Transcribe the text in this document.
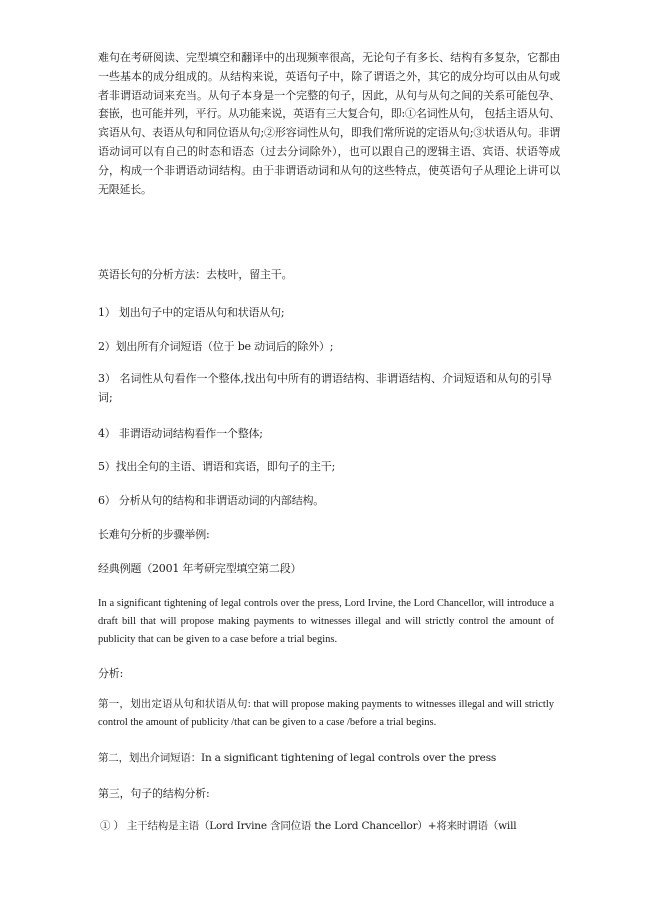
难句在考研阅读、完型填空和翻译中的出现频率很高，无论句子有多长、结构有多复杂，它都由一些基本的成分组成的。从结构来说，英语句子中，除了谓语之外，其它的成分均可以由从句或者非谓语动词来充当。从句子本身是一个完整的句子，因此，从句与从句之间的关系可能包孕、套嵌，也可能并列，平行。从功能来说，英语有三大复合句，即:①名词性从句， 包括主语从句、宾语从句、表语从句和同位语从句;②形容词性从句，即我们常所说的定语从句;③状语从句。非谓语动词可以有自己的时态和语态（过去分词除外），也可以跟自己的逻辑主语、宾语、状语等成分，构成一个非谓语动词结构。由于非谓语动词和从句的这些特点，使英语句子从理论上讲可以无限延长。

英语长句的分析方法：去枝叶，留主干。

1） 划出句子中的定语从句和状语从句;

2）划出所有介词短语（位于 be 动词后的除外）;

3） 名词性从句看作一个整体,找出句中所有的谓语结构、非谓语结构、介词短语和从句的引导词;

4） 非谓语动词结构看作一个整体;

5）找出全句的主语、谓语和宾语，即句子的主干;

6） 分析从句的结构和非谓语动词的内部结构。

长难句分析的步骤举例:

经典例题（2001 年考研完型填空第二段）

In a significant tightening of legal controls over the press, Lord Irvine, the Lord Chancellor, will introduce a draft bill that will propose making payments to witnesses illegal and will strictly control the amount of publicity that can be given to a case before a trial begins.

分析:

第一，划出定语从句和状语从句: that will propose making payments to witnesses illegal and will strictly control the amount of publicity /that can be given to a case /before a trial begins.

第二，划出介词短语：In a significant tightening of legal controls over the press

第三，句子的结构分析:

① ） 主干结构是主语（Lord Irvine 含同位语 the Lord Chancellor）+将来时谓语（will
